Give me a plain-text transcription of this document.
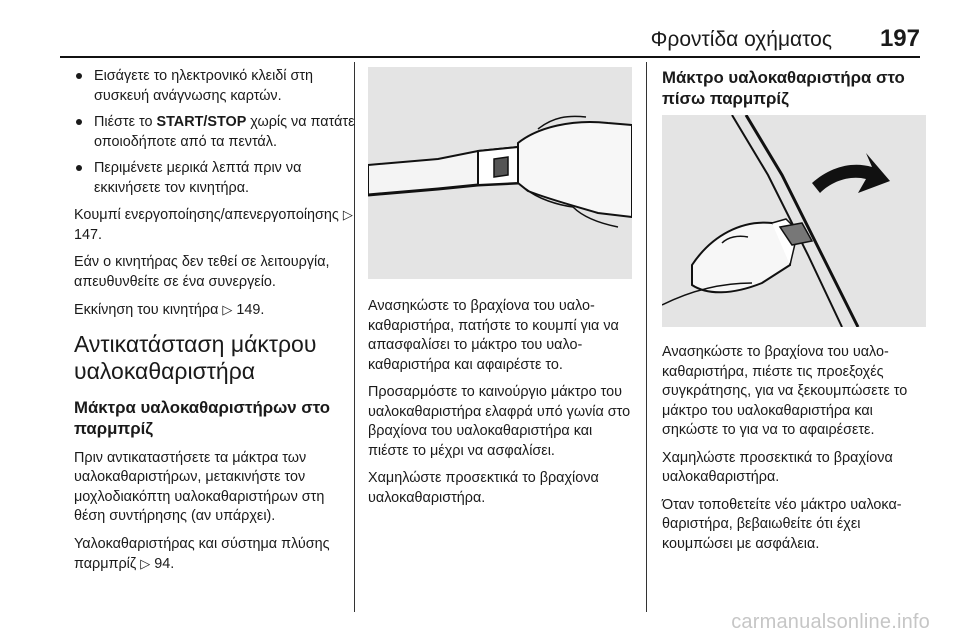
Φροντίδα οχήματος 197
Εισάγετε το ηλεκτρονικό κλειδί στη συσκευή ανάγνωσης καρτών.
Πιέστε το START/STOP χωρίς να πατάτε οποιοδήποτε από τα πεντάλ.
Περιμένετε μερικά λεπτά πριν να εκκινήσετε τον κινητήρα.

Κουμπί ενεργοποίησης/απενεργοποίησης ▷ 147.

Εάν ο κινητήρας δεν τεθεί σε λειτουργία, απευθυνθείτε σε ένα συνεργείο.

Εκκίνηση του κινητήρα ▷ 149.

Αντικατάσταση μάκτρου υαλοκαθαριστήρα
Μάκτρα υαλοκαθαριστήρων στο παρμπρίζ

Πριν αντικαταστήσετε τα μάκτρα των υαλοκαθαριστήρων, μετακινήστε τον μοχλοδιακόπτη υαλοκαθαριστήρων στη θέση συντήρησης (αν υπάρχει).

Υαλοκαθαριστήρας και σύστημα πλύσης παρμπρίζ ▷ 94.

Ανασηκώστε το βραχίονα του υαλοκαθαριστήρα, πατήστε το κουμπί για να απασφαλίσει το μάκτρο του υαλοκαθαριστήρα και αφαιρέστε το.

Προσαρμόστε το καινούργιο μάκτρο του υαλοκαθαριστήρα ελαφρά υπό γωνία στο βραχίονα του υαλοκαθαριστήρα και πιέστε το μέχρι να ασφαλίσει.

Χαμηλώστε προσεκτικά το βραχίονα υαλοκαθαριστήρα.

Μάκτρο υαλοκαθαριστήρα στο πίσω παρμπρίζ

Ανασηκώστε το βραχίονα του υαλοκαθαριστήρα, πιέστε τις προεξοχές συγκράτησης, για να ξεκουμπώσετε το μάκτρο του υαλοκαθαριστήρα και σηκώστε το για να το αφαιρέσετε.

Χαμηλώστε προσεκτικά το βραχίονα υαλοκαθαριστήρα.

Όταν τοποθετείτε νέο μάκτρο υαλοκαθαριστήρα, βεβαιωθείτε ότι έχει κουμπώσει με ασφάλεια.

carmanualsonline.info
